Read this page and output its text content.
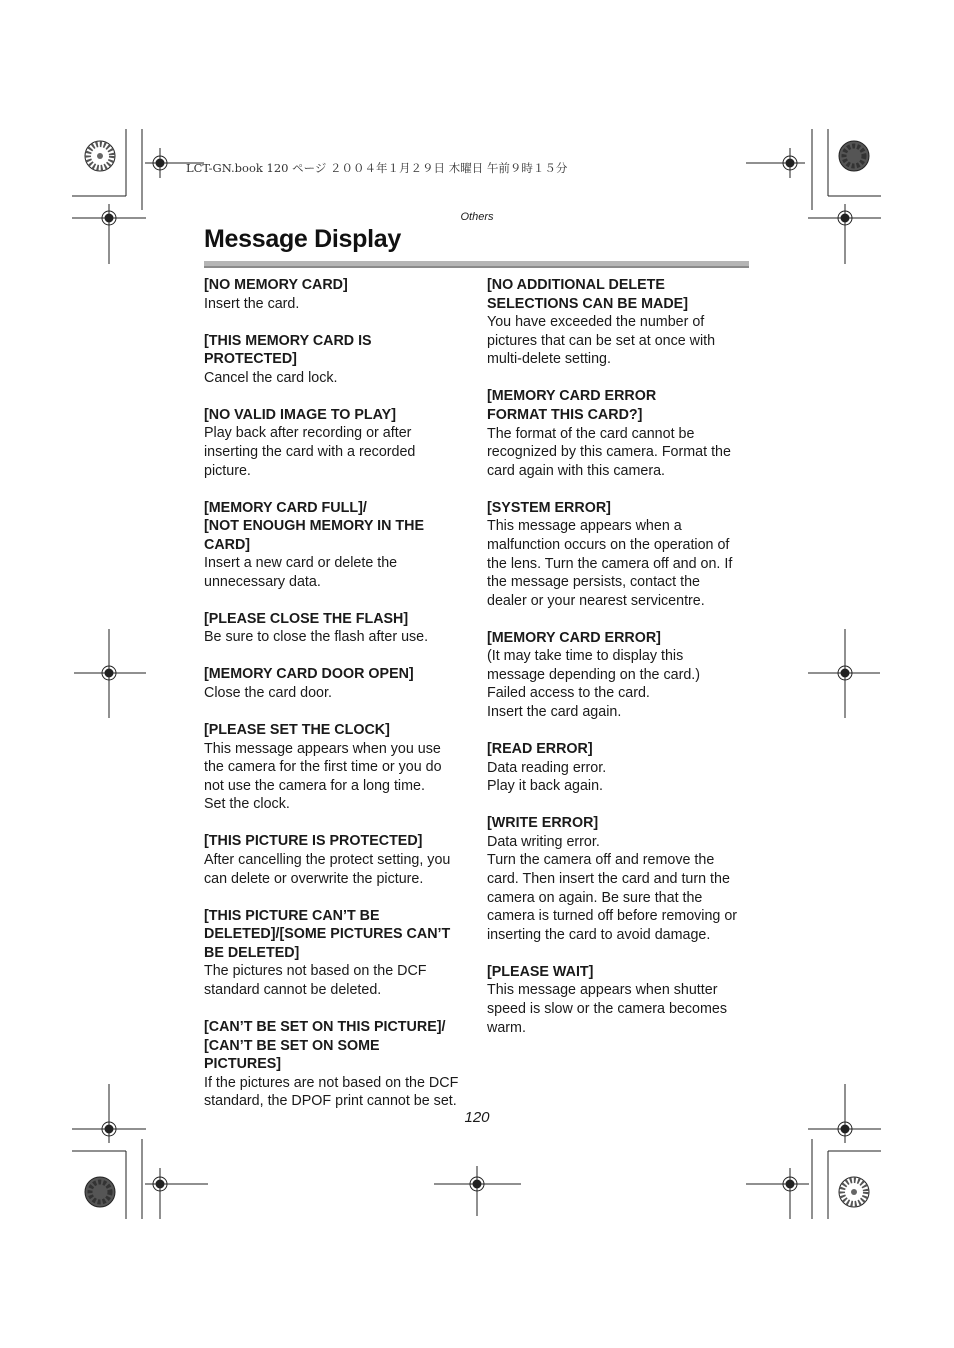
LCT-GN.book 120 ページ ２００４年１月２９日 木曜日 午前９時１５分
Others
Message Display
[NO MEMORY CARD]
Insert the card.
[THIS MEMORY CARD IS
PROTECTED]
Cancel the card lock.
[NO VALID IMAGE TO PLAY]
Play back after recording or after
inserting the card with a recorded
picture.
[MEMORY CARD FULL]/
[NOT ENOUGH MEMORY IN THE
CARD]
Insert a new card or delete the
unnecessary data.
[PLEASE CLOSE THE FLASH]
Be sure to close the flash after use.
[MEMORY CARD DOOR OPEN]
Close the card door.
[PLEASE SET THE CLOCK]
This message appears when you use
the camera for the first time or you do
not use the camera for a long time.
Set the clock.
[THIS PICTURE IS PROTECTED]
After cancelling the protect setting, you
can delete or overwrite the picture.
[THIS PICTURE CAN’T BE
DELETED]/[SOME PICTURES CAN’T
BE DELETED]
The pictures not based on the DCF
standard cannot be deleted.
[CAN’T BE SET ON THIS PICTURE]/
[CAN’T BE SET ON SOME
PICTURES]
If the pictures are not based on the DCF
standard, the DPOF print cannot be set.
[NO ADDITIONAL DELETE
SELECTIONS CAN BE MADE]
You have exceeded the number of
pictures that can be set at once with
multi-delete setting.
[MEMORY CARD ERROR
FORMAT THIS CARD?]
The format of the card cannot be
recognized by this camera. Format the
card again with this camera.
[SYSTEM ERROR]
This message appears when a
malfunction occurs on the operation of
the lens. Turn the camera off and on. If
the message persists, contact the
dealer or your nearest servicentre.
[MEMORY CARD ERROR]
(It may take time to display this
message depending on the card.)
Failed access to the card.
Insert the card again.
[READ ERROR]
Data reading error.
Play it back again.
[WRITE ERROR]
Data writing error.
Turn the camera off and remove the
card. Then insert the card and turn the
camera on again. Be sure that the
camera is turned off before removing or
inserting the card to avoid damage.
[PLEASE WAIT]
This message appears when shutter
speed is slow or the camera becomes
warm.
120
